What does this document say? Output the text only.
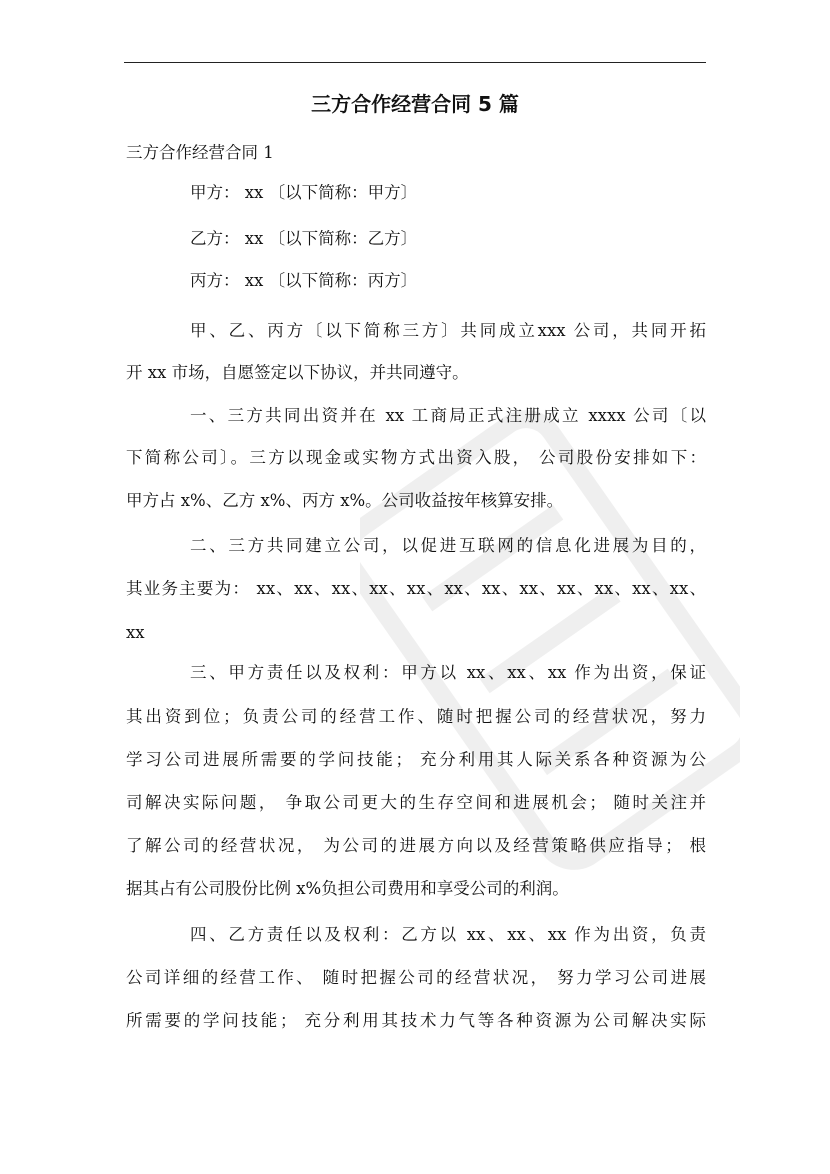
三方合作经营合同 5 篇
三方合作经营合同 1
甲方： xx 〔以下简称：甲方〕
乙方： xx 〔以下简称：乙方〕
丙方： xx 〔以下简称：丙方〕
甲、乙、丙方〔以下简称三方〕共同成立xxx 公司，共同开拓
开 xx 市场，自愿签定以下协议，并共同遵守。
一、三方共同出资并在 xx 工商局正式注册成立 xxxx 公司〔以
下简称公司〕。三方以现金或实物方式出资入股， 公司股份安排如下：
甲方占 x%、乙方 x%、丙方 x%。公司收益按年核算安排。
二、三方共同建立公司，以促进互联网的信息化进展为目的，
其业务主要为： xx、xx、xx、xx、xx、xx、xx、xx、xx、xx、xx、xx、
xx
三、甲方责任以及权利：甲方以 xx、xx、xx 作为出资，保证
其出资到位；负责公司的经营工作、随时把握公司的经营状况，努力
学习公司进展所需要的学问技能； 充分利用其人际关系各种资源为公
司解决实际问题， 争取公司更大的生存空间和进展机会； 随时关注并
了解公司的经营状况， 为公司的进展方向以及经营策略供应指导； 根
据其占有公司股份比例 x%负担公司费用和享受公司的利润。
四、乙方责任以及权利：乙方以 xx、xx、xx 作为出资，负责
公司详细的经营工作、 随时把握公司的经营状况， 努力学习公司进展
所需要的学问技能； 充分利用其技术力气等各种资源为公司解决实际
